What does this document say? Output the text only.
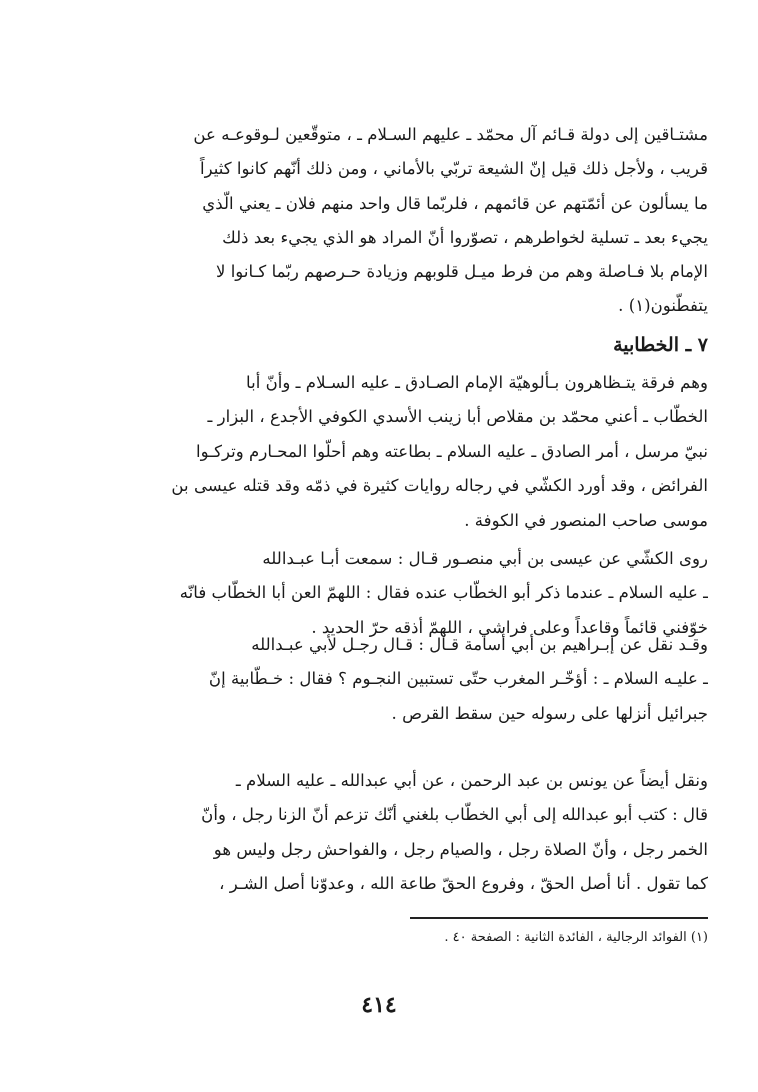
مشتـاقين إلى دولة قـائم آل محمّد ـ عليهم السـلام ـ ، متوقّعين لـوقوعـه عن
قريب ، ولأجل ذلك قيل إنّ الشيعة تربّي بالأماني ، ومن ذلك أنّهم كانوا كثيراً
ما يسألون عن أئمّتهم عن قائمهم ، فلربّما قال واحد منهم فلان ـ يعني الّذي
يجيء بعد ـ تسلية لخواطرهم ، تصوّروا أنّ المراد هو الذي يجيء بعد ذلك
الإمام بلا فـاصلة وهم من فرط ميـل قلوبهم وزيادة حـرصهم ربّما كـانوا لا
يتفطّنون(١) .
٧ ـ الخطابية
وهم فرقة يتـظاهرون بـألوهيّة الإمام الصـادق ـ عليه السـلام ـ وأنّ أبا
الخطّاب ـ أعني محمّد بن مقلاص أبا زينب الأسدي الكوفي الأجدع ، البزار ـ
نبيّ مرسل ، أمر الصادق ـ عليه السلام ـ بطاعته وهم أحلّوا المحـارم وتركـوا
الفرائض ، وقد أورد الكشّي في رجاله روايات كثيرة في ذمّه وقد قتله عيسى بن
موسى صاحب المنصور في الكوفة .
روى الكشّي عن عيسى بن أبي منصـور قـال : سمعت أبـا عبـدالله
ـ عليه السلام ـ عندما ذكر أبو الخطّاب عنده فقال : اللهمّ العن أبا الخطّاب فانّه
خوّفني قائماً وقاعداً وعلى فراشي ، اللهمّ أذقه حرّ الحديد .
وقـد نقل عن إبـراهيم بن أبي أسامة قـال : قـال رجـل لأبي عبـدالله
ـ عليـه السلام ـ : أؤخّـر المغرب حتّى تستبين النجـوم ؟ فقال : خـطّابية إنّ
جبرائيل أنزلها على رسوله حين سقط القرص .
ونقل أيضاً عن يونس بن عبد الرحمن ، عن أبي عبدالله ـ عليه السلام ـ
قال : كتب أبو عبدالله إلى أبي الخطّاب بلغني أنّك تزعم أنّ الزنا رجل ، وأنّ
الخمر رجل ، وأنّ الصلاة رجل ، والصيام رجل ، والفواحش رجل وليس هو
كما تقول . أنا أصل الحقّ ، وفروع الحقّ طاعة الله ، وعدوّنا أصل الشـر ،
(١) الفوائد الرجالية ، الفائدة الثانية : الصفحة ٤٠ .
٤١٤
